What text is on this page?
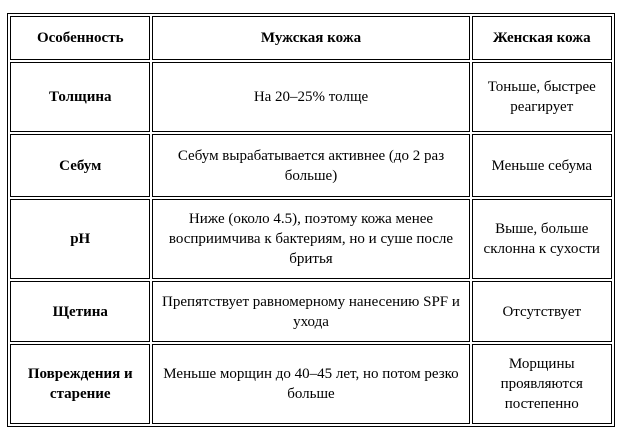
Особенность	Мужская кожа	Женская кожа
Толщина	На 20–25% толще	Тоньше, быстрее реагирует
Себум	Себум вырабатывается активнее (до 2 раз больше)	Меньше себума
pH	Ниже (около 4.5), поэтому кожа менее восприимчива к бактериям, но и суше после бритья	Выше, больше склонна к сухости
Щетина	Препятствует равномерному нанесению SPF и ухода	Отсутствует
Повреждения и старение	Меньше морщин до 40–45 лет, но потом резко больше	Морщины проявляются постепенно
